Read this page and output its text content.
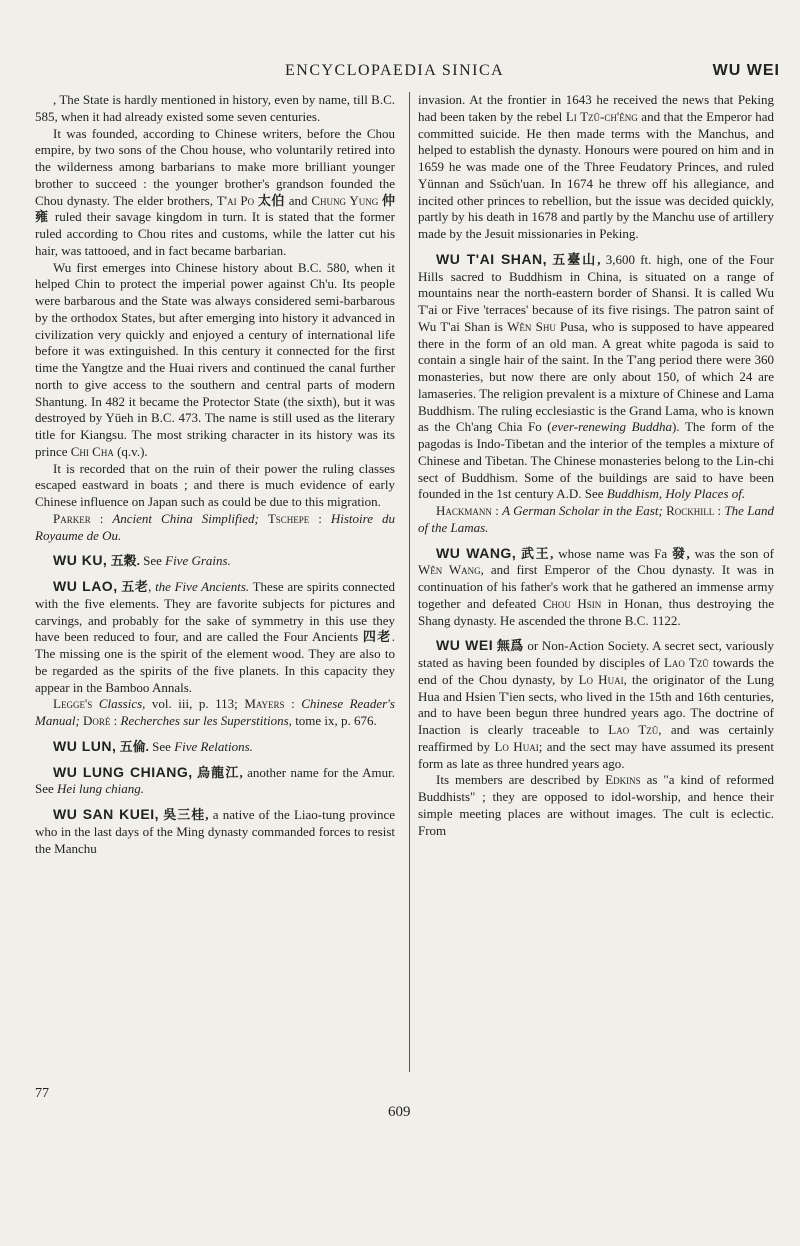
ENCYCLOPAEDIA SINICA	WU WEI

, The State is hardly mentioned in history, even by name, till B.C. 585, when it had already existed some seven centuries.

It was founded, according to Chinese writers, before the Chou empire, by two sons of the Chou house, who voluntarily retired into the wilderness among barbarians to make more brilliant younger brother to succeed : the younger brother's grandson founded the Chou dynasty. The elder brothers, T'ai Po 太伯 and Chung Yung 仲雍 ruled their savage kingdom in turn. It is stated that the former ruled according to Chou rites and customs, while the latter cut his hair, was tattooed, and in fact became barbarian.

Wu first emerges into Chinese history about B.C. 580, when it helped Chin to protect the imperial power against Ch'u. Its people were barbarous and the State was always considered semi-barbarous by the orthodox States, but after emerging into history it advanced in civilization very quickly and enjoyed a century of international life before it was extinguished. In this century it connected for the first time the Yangtze and the Huai rivers and continued the canal further north to give access to the southern and central parts of modern Shantung. In 482 it became the Protector State (the sixth), but it was destroyed by Yüeh in B.C. 473. The name is still used as the literary title for Kiangsu. The most striking character in its history was its prince Chi Cha (q.v.).

It is recorded that on the ruin of their power the ruling classes escaped eastward in boats ; and there is much evidence of early Chinese influence on Japan such as could be due to this migration.

Parker : Ancient China Simplified; Tschepe : Histoire du Royaume de Ou.

WU KU, 五穀. See Five Grains.

WU LAO, 五老, the Five Ancients. These are spirits connected with the five elements. They are favorite subjects for pictures and carvings, and probably for the sake of symmetry in this use they have been reduced to four, and are called the Four Ancients 四老. The missing one is the spirit of the element wood. They are also to be regarded as the spirits of the five planets. In this capacity they appear in the Bamboo Annals.

Legge's Classics, vol. iii, p. 113; Mayers : Chinese Reader's Manual; Doré : Recherches sur les Superstitions, tome ix, p. 676.

WU LUN, 五倫. See Five Relations.

WU LUNG CHIANG, 烏龍江, another name for the Amur. See Hei lung chiang.

WU SAN KUEI, 吳三桂, a native of the Liao-tung province who in the last days of the Ming dynasty commanded forces to resist the Manchu

invasion. At the frontier in 1643 he received the news that Peking had been taken by the rebel Li Tzŭ-ch'êng and that the Emperor had committed suicide. He then made terms with the Manchus, and helped to establish the dynasty. Honours were poured on him and in 1659 he was made one of the Three Feudatory Princes, and ruled Yünnan and Ssŭch'uan. In 1674 he threw off his allegiance, and incited other princes to rebellion, but the issue was decided quickly, partly by his death in 1678 and partly by the Manchu use of artillery made by the Jesuit missionaries in Peking.

WU T'AI SHAN, 五臺山, 3,600 ft. high, one of the Four Hills sacred to Buddhism in China, is situated on a range of mountains near the north-eastern border of Shansi. It is called Wu T'ai or Five 'terraces' because of its five risings. The patron saint of Wu T'ai Shan is Wên Shu Pusa, who is supposed to have appeared there in the form of an old man. A great white pagoda is said to contain a single hair of the saint. In the T'ang period there were 360 monasteries, but now there are only about 150, of which 24 are lamaseries. The religion prevalent is a mixture of Chinese and Lama Buddhism. The ruling ecclesiastic is the Grand Lama, who is known as the Ch'ang Chia Fo (ever-renewing Buddha). The form of the pagodas is Indo-Tibetan and the interior of the temples a mixture of Chinese and Tibetan. The Chinese monasteries belong to the Lin-chi sect of Buddhism. Some of the buildings are said to have been founded in the 1st century A.D. See Buddhism, Holy Places of.

Hackmann : A German Scholar in the East; Rockhill : The Land of the Lamas.

WU WANG, 武王, whose name was Fa 發, was the son of Wên Wang, and first Emperor of the Chou dynasty. It was in continuation of his father's work that he gathered an immense army together and defeated Chou Hsin in Honan, thus destroying the Shang dynasty. He ascended the throne B.C. 1122.

WU WEI 無爲 or Non-Action Society. A secret sect, variously stated as having been founded by disciples of Lao Tzŭ towards the end of the Chou dynasty, by Lo Huai, the originator of the Lung Hua and Hsien T'ien sects, who lived in the 15th and 16th centuries, and to have been begun three hundred years ago. The doctrine of Inaction is clearly traceable to Lao Tzŭ, and was certainly reaffirmed by Lo Huai; and the sect may have assumed its present form as late as three hundred years ago.

Its members are described by Edkins as "a kind of reformed Buddhists" ; they are opposed to idol-worship, and hence their simple meeting places are without images. The cult is eclectic. From

77
609
